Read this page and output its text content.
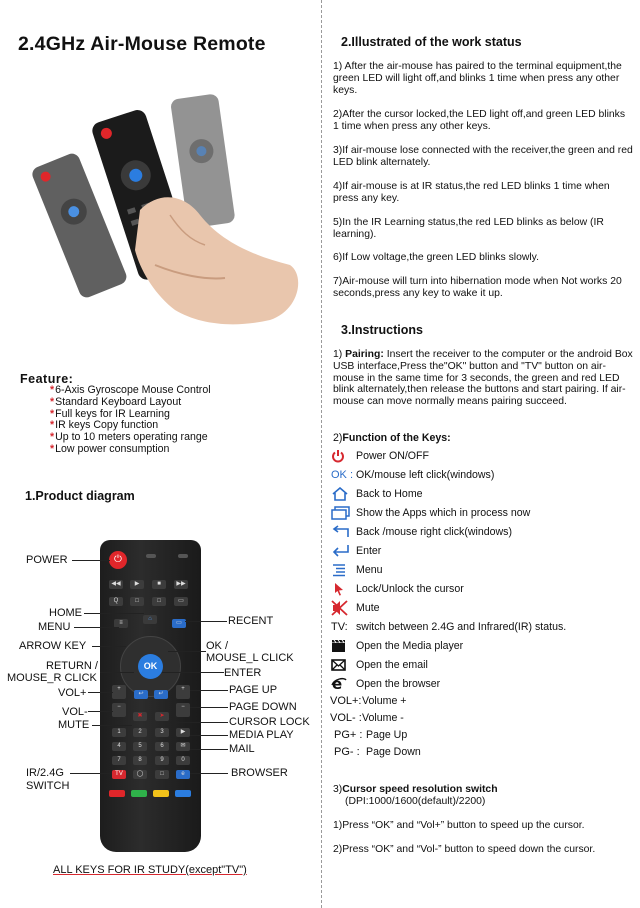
2.4GHz Air-Mouse Remote
Feature:
*6-Axis Gyroscope Mouse Control
*Standard Keyboard Layout
*Full keys for IR Learning
*IR keys Copy function
*Up to 10 meters operating range
*Low power consumption
1.Product diagram
⏻
◀◀	▶	■	▶▶
Q	□	□	▭
≡
⌂
▭
OK
+
↩	↵
+
−	−
✖	➤
1	2	3	▶
4	5	6	✉
7	8	9	0
TV	◯	□	e
POWER
HOME
MENU
ARROW KEY
RETURN /
MOUSE_R CLICK
VOL+
VOL-
MUTE
IR/2.4G
SWITCH
RECENT
OK /
MOUSE_L CLICK
ENTER
PAGE UP
PAGE DOWN
CURSOR LOCK
MEDIA PLAY
MAIL
BROWSER
ALL KEYS FOR IR STUDY(except"TV")
2.Illustrated of the work status
1) After the air-mouse has paired to the terminal equipment,the green LED will light off,and blinks 1 time when press any other keys.
2)After the cursor locked,the LED light off,and green LED blinks 1 time when press any other keys.
3)If air-mouse lose connected with the receiver,the green and red LED blink alternately.
4)If air-mouse is at IR status,the red LED blinks 1 time when press any key.
5)In the IR Learning status,the red LED blinks as below (IR learning).
6)If Low voltage,the green LED blinks slowly.
7)Air-mouse will turn into hibernation mode when Not works 20 seconds,press any key to wake it up.
3.Instructions
1) Pairing: Insert the receiver to the computer or the android Box USB interface,Press the"OK" button and "TV" button on air-mouse in the same time for 3 seconds, the green and red LED blink alternately,then release the buttons and start pairing. If air-mouse can move normally means pairing succeed.
2)Function of the Keys:
Power ON/OFF
OK : OK/mouse left click(windows)
Back to Home
Show the Apps which in process now
Back /mouse right click(windows)
Enter
Menu
Lock/Unlock the cursor
Mute
TV: switch between 2.4G and Infrared(IR) status.
Open the Media player
Open the email
e Open the browser
VOL+: Volume +
VOL- : Volume -
PG+ : Page Up
PG- : Page Down
3)Cursor speed resolution switch
(DPI:1000/1600(default)/2200)
1)Press “OK” and “Vol+” button to speed up the cursor.
2)Press “OK” and “Vol-” button to speed down the cursor.
